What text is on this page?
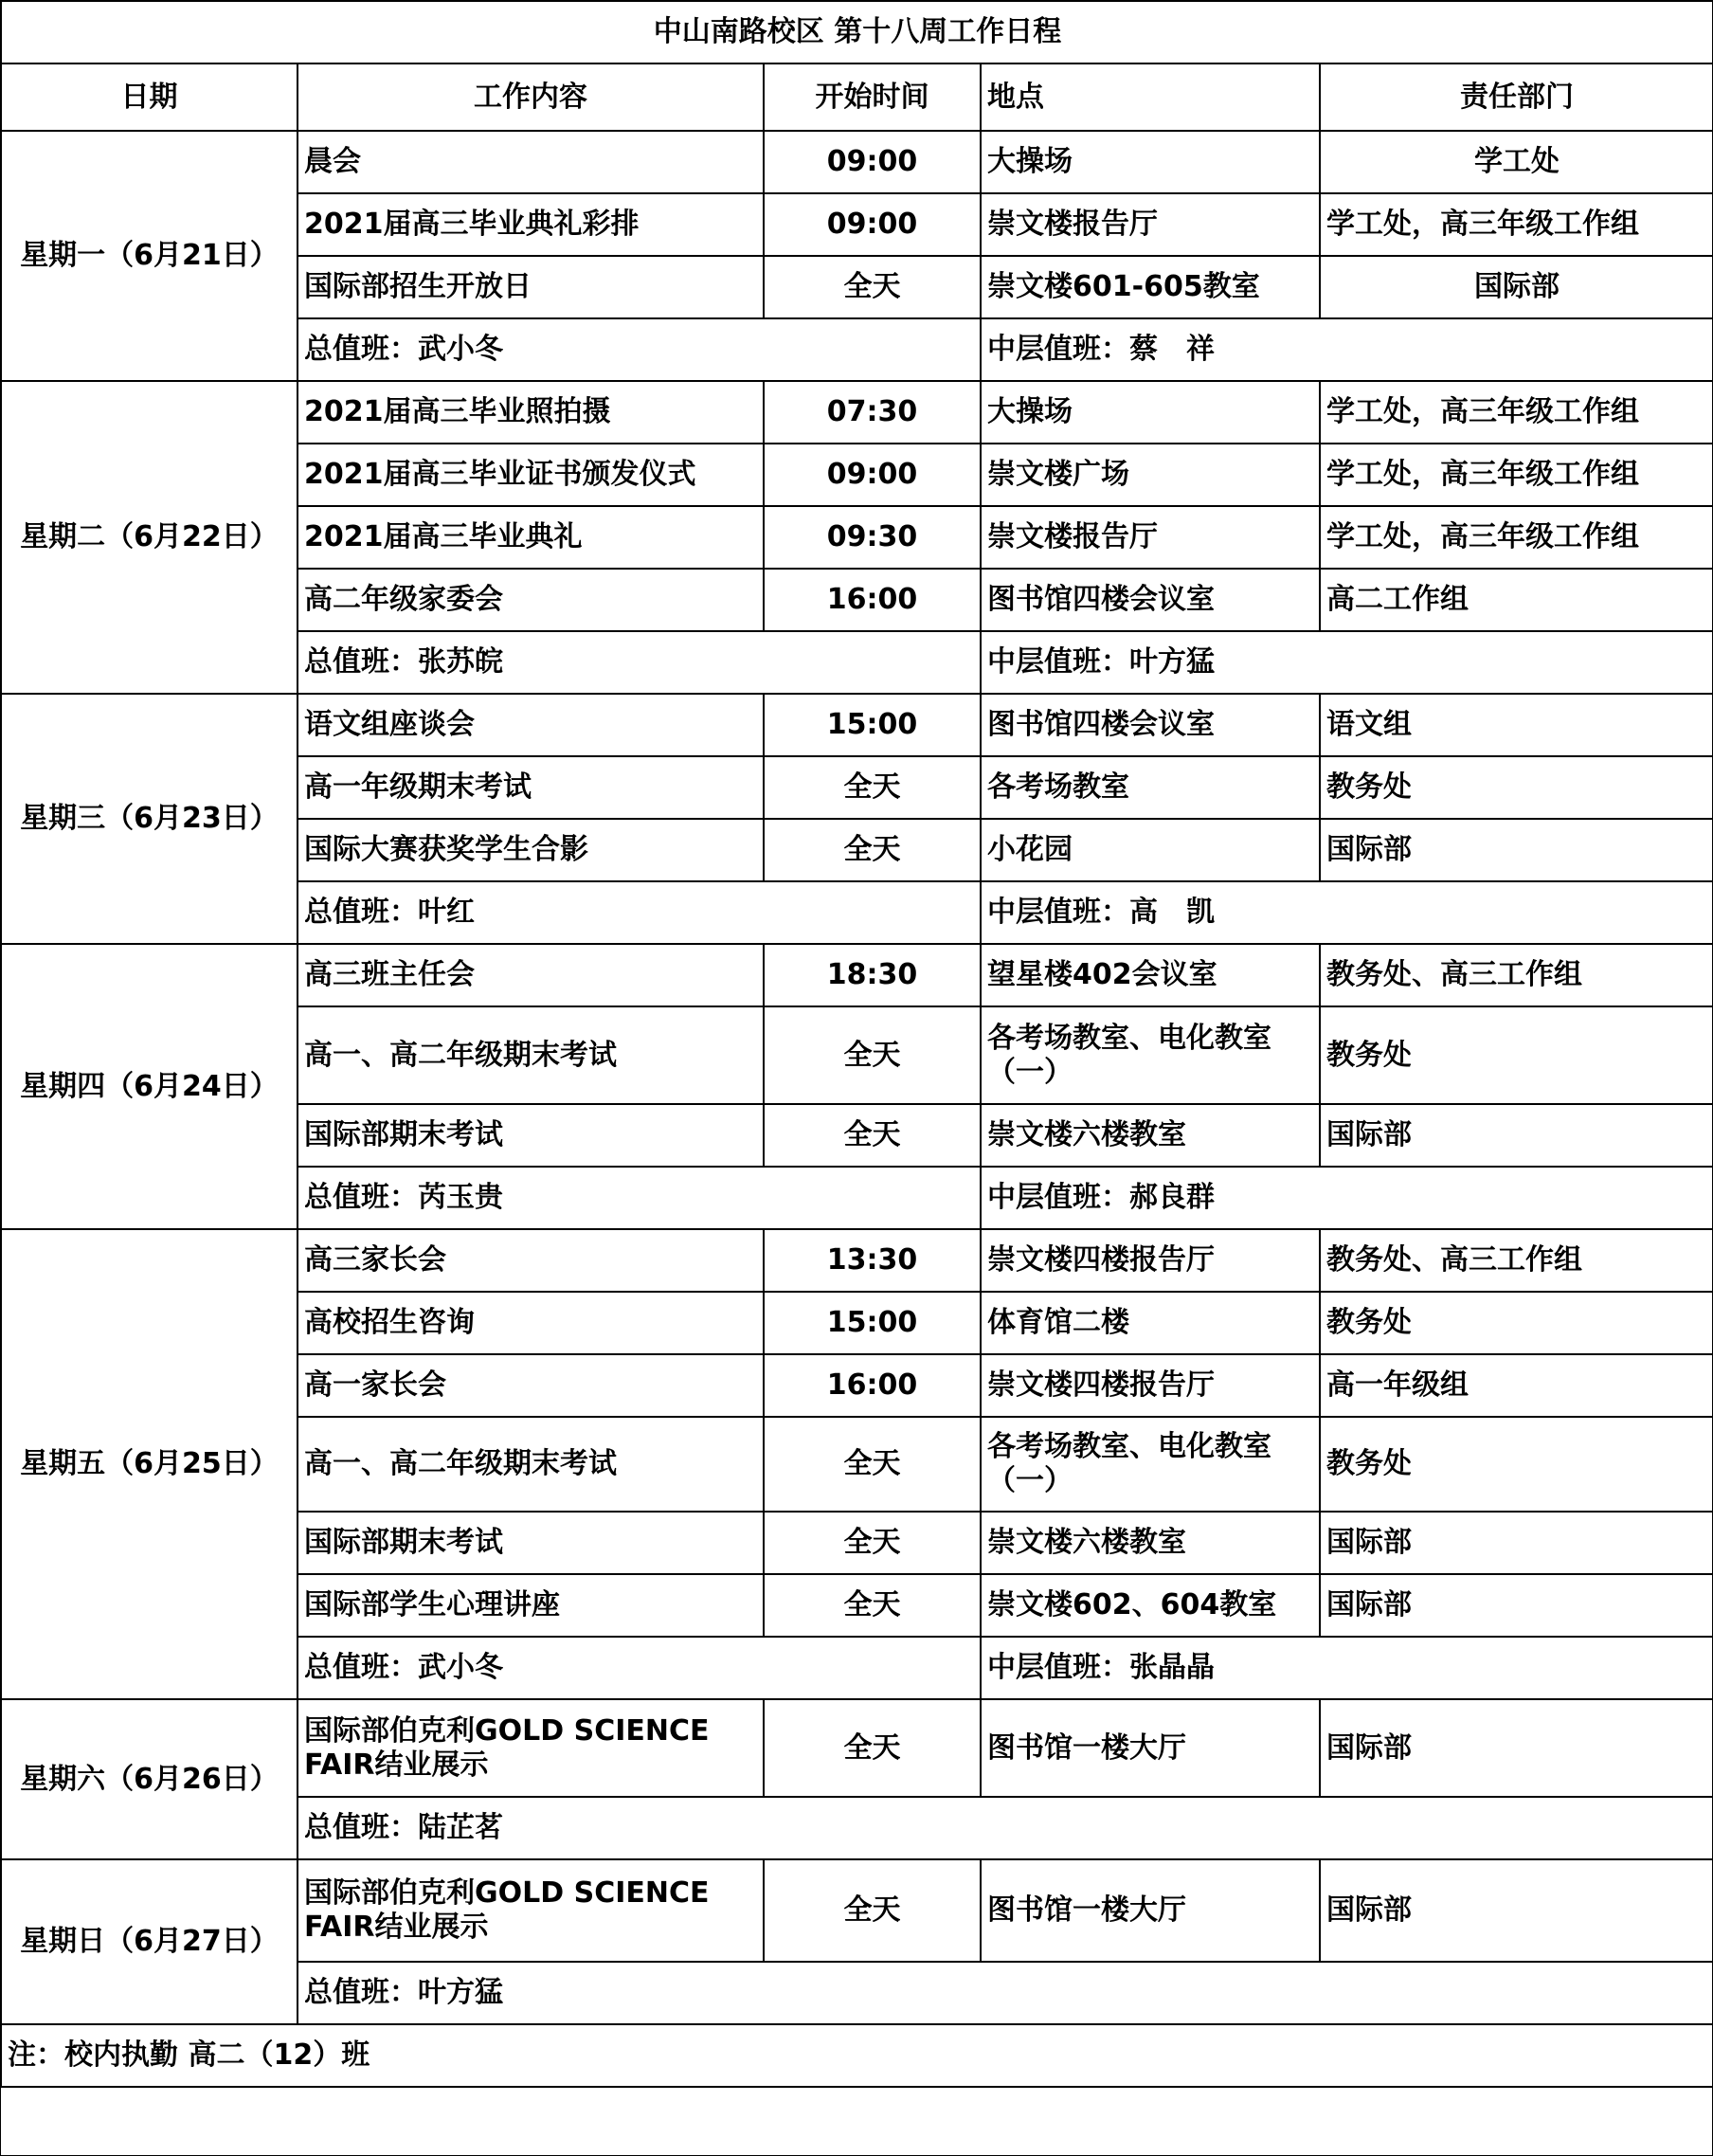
中山南路校区 第十八周工作日程				
日期	工作内容	开始时间	地点	责任部门
星期一（6月21日）	晨会	09:00	大操场	学工处
	2021届高三毕业典礼彩排	09:00	崇文楼报告厅	学工处，高三年级工作组
	国际部招生开放日	全天	崇文楼601-605教室	国际部
	总值班：武小冬		中层值班：蔡　祥	
星期二（6月22日）	2021届高三毕业照拍摄	07:30	大操场	学工处，高三年级工作组
	2021届高三毕业证书颁发仪式	09:00	崇文楼广场	学工处，高三年级工作组
	2021届高三毕业典礼	09:30	崇文楼报告厅	学工处，高三年级工作组
	高二年级家委会	16:00	图书馆四楼会议室	高二工作组
	总值班：张苏皖		中层值班：叶方猛	
星期三（6月23日）	语文组座谈会	15:00	图书馆四楼会议室	语文组
	高一年级期末考试	全天	各考场教室	教务处
	国际大赛获奖学生合影	全天	小花园	国际部
	总值班：叶红		中层值班：高　凯	
星期四（6月24日）	高三班主任会	18:30	望星楼402会议室	教务处、高三工作组
	高一、高二年级期末考试	全天	各考场教室、电化教室（一）	教务处
	国际部期末考试	全天	崇文楼六楼教室	国际部
	总值班：芮玉贵		中层值班：郝良群	
星期五（6月25日）	高三家长会	13:30	崇文楼四楼报告厅	教务处、高三工作组
	高校招生咨询	15:00	体育馆二楼	教务处
	高一家长会	16:00	崇文楼四楼报告厅	高一年级组
	高一、高二年级期末考试	全天	各考场教室、电化教室（一）	教务处
	国际部期末考试	全天	崇文楼六楼教室	国际部
	国际部学生心理讲座	全天	崇文楼602、604教室	国际部
	总值班：武小冬		中层值班：张晶晶	
星期六（6月26日）	国际部伯克利GOLD SCIENCE FAIR结业展示	全天	图书馆一楼大厅	国际部
	总值班：陆芷茗			
星期日（6月27日）	国际部伯克利GOLD SCIENCE FAIR结业展示	全天	图书馆一楼大厅	国际部
	总值班：叶方猛			
注：校内执勤 高二（12）班				
